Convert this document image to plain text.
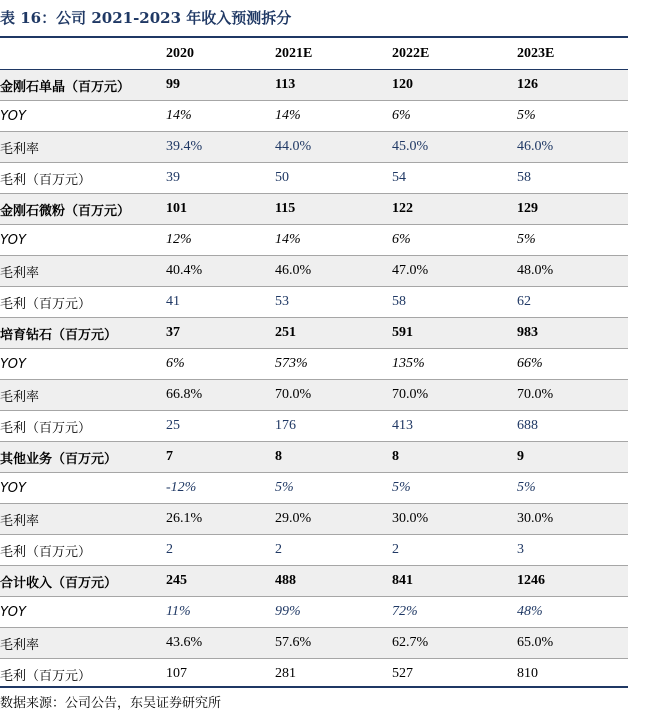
表 16：公司 2021-2023 年收入预测拆分
	2020	2021E	2022E	2023E
金刚石单晶（百万元）	99	113	120	126
YOY	14%	14%	6%	5%
毛利率	39.4%	44.0%	45.0%	46.0%
毛利（百万元）	39	50	54	58
金刚石微粉（百万元）	101	115	122	129
YOY	12%	14%	6%	5%
毛利率	40.4%	46.0%	47.0%	48.0%
毛利（百万元）	41	53	58	62
培育钻石（百万元）	37	251	591	983
YOY	6%	573%	135%	66%
毛利率	66.8%	70.0%	70.0%	70.0%
毛利（百万元）	25	176	413	688
其他业务（百万元）	7	8	8	9
YOY	-12%	5%	5%	5%
毛利率	26.1%	29.0%	30.0%	30.0%
毛利（百万元）	2	2	2	3
合计收入（百万元）	245	488	841	1246
YOY	11%	99%	72%	48%
毛利率	43.6%	57.6%	62.7%	65.0%
毛利（百万元）	107	281	527	810
数据来源：公司公告，东吴证券研究所
